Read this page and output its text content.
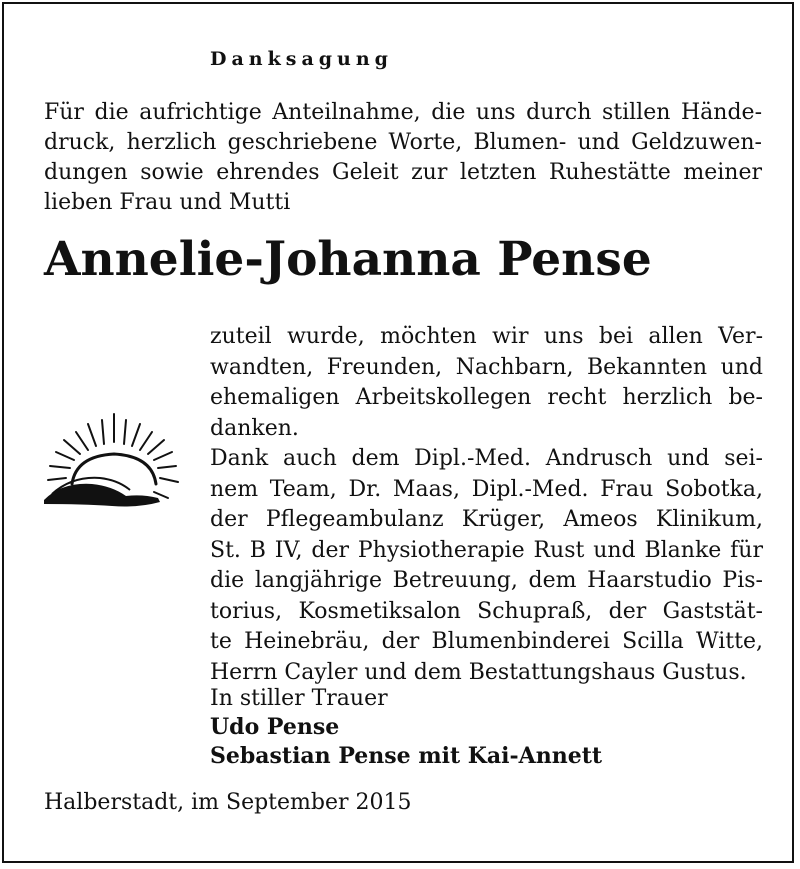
Danksagung
Für die aufrichtige Anteilnahme, die uns durch stillen Hände-
druck, herzlich geschriebene Worte, Blumen- und Geldzuwen-
dungen sowie ehrendes Geleit zur letzten Ruhestätte meiner
lieben Frau und Mutti
Annelie-Johanna Pense
zuteil wurde, möchten wir uns bei allen Ver-
wandten, Freunden, Nachbarn, Bekannten und
ehemaligen Arbeitskollegen recht herzlich be-
danken.
Dank auch dem Dipl.-Med. Andrusch und sei-
nem Team, Dr. Maas, Dipl.-Med. Frau Sobotka,
der Pflegeambulanz Krüger, Ameos Klinikum,
St. B IV, der Physiotherapie Rust und Blanke für
die langjährige Betreuung, dem Haarstudio Pis-
torius, Kosmetiksalon Schupraß, der Gaststät-
te Heinebräu, der Blumenbinderei Scilla Witte,
Herrn Cayler und dem Bestattungshaus Gustus.
In stiller Trauer
Udo Pense
Sebastian Pense mit Kai-Annett
Halberstadt, im September 2015
